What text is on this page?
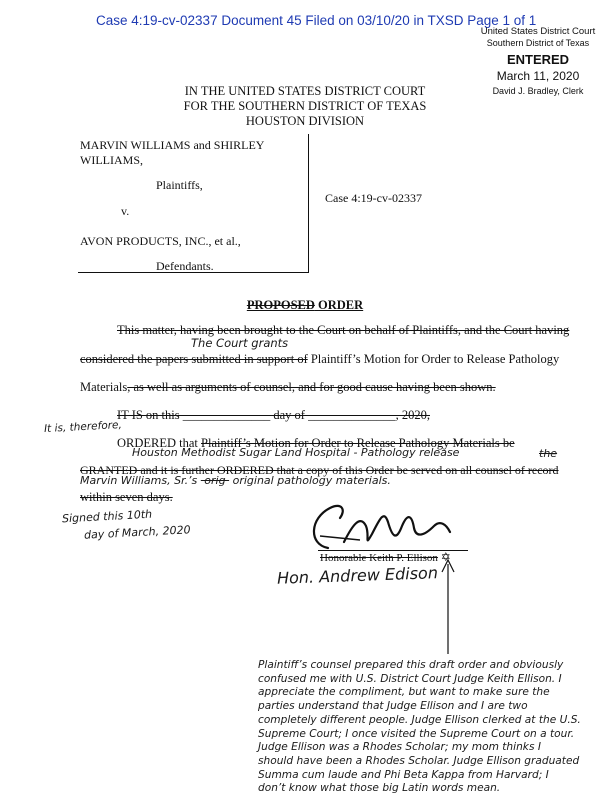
Case 4:19-cv-02337 Document 45 Filed on 03/10/20 in TXSD Page 1 of 1
United States District Court
Southern District of Texas
ENTERED
March 11, 2020
David J. Bradley, Clerk
IN THE UNITED STATES DISTRICT COURT
FOR THE SOUTHERN DISTRICT OF TEXAS
HOUSTON DIVISION
MARVIN WILLIAMS and SHIRLEY
WILLIAMS,
Plaintiffs,
v.
AVON PRODUCTS, INC., et al.,
Defendants.
Case 4:19-cv-02337
PROPOSED ORDER
This matter, having been brought to the Court on behalf of Plaintiffs, and the Court having
The Court grants
considered the papers submitted in support of Plaintiff’s Motion for Order to Release Pathology
Materials, as well as arguments of counsel, and for good cause having been shown.
IT IS on this ______________ day of ______________, 2020,
It is, therefore,
ORDERED that Plaintiff’s Motion for Order to Release Pathology Materials be
Houston Methodist Sugar Land Hospital - Pathology release	the
GRANTED and it is further ORDERED that a copy of this Order be served on all counsel of record
Marvin Williams, Sr.’s  orig  original pathology materials.
within seven days.
Signed this 10th
day of March, 2020
Honorable Keith P. Ellison ✡
Hon. Andrew Edison
Plaintiff’s counsel prepared this draft order and obviously
confused me with U.S. District Court Judge Keith Ellison. I
appreciate the compliment, but want to make sure the
parties understand that Judge Ellison and I are two
completely different people. Judge Ellison clerked at the U.S.
Supreme Court; I once visited the Supreme Court on a tour.
Judge Ellison was a Rhodes Scholar; my mom thinks I
should have been a Rhodes Scholar. Judge Ellison graduated
Summa cum laude and Phi Beta Kappa from Harvard; I
don’t know what those big Latin words mean.
